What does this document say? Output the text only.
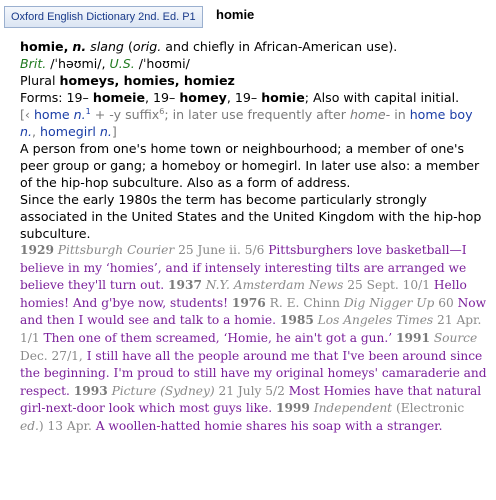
Oxford English Dictionary 2nd. Ed. P1	homie

homie, n. slang (orig. and chiefly in African-American use).

Brit. /ˈhəʊmi/, U.S. /ˈhoʊmi/

Plural homeys, homies, homiez

Forms: 19– homeie, 19– homey, 19– homie; Also with capital initial.

[‹ home n.$^1$ + -y suffix$^6$; in later use frequently after home- in home boy n., homegirl n.]

A person from one's home town or neighbourhood; a member of one's peer group or gang; a homeboy or homegirl. In later use also: a member of the hip-hop subculture. Also as a form of address.

Since the early 1980s the term has become particularly strongly associated in the United States and the United Kingdom with the hip-hop subculture.

1929 Pittsburgh Courier 25 June ii. 5/6 Pittsburghers love basketball—I believe in my ‘homies’, and if intensely interesting tilts are arranged we believe they'll turn out. 1937 N.Y. Amsterdam News 25 Sept. 10/1 Hello homies! And g'bye now, students! 1976 R. E. Chinn Dig Nigger Up 60 Now and then I would see and talk to a homie. 1985 Los Angeles Times 21 Apr. 1/1 Then one of them screamed, ‘Homie, he ain't got a gun.’ 1991 Source Dec. 27/1, I still have all the people around me that I've been around since the beginning. I'm proud to still have my original homeys' camaraderie and respect. 1993 Picture (Sydney) 21 July 5/2 Most Homies have that natural girl-next-door look which most guys like. 1999 Independent (Electronic ed.) 13 Apr. A woollen-hatted homie shares his soap with a stranger.
